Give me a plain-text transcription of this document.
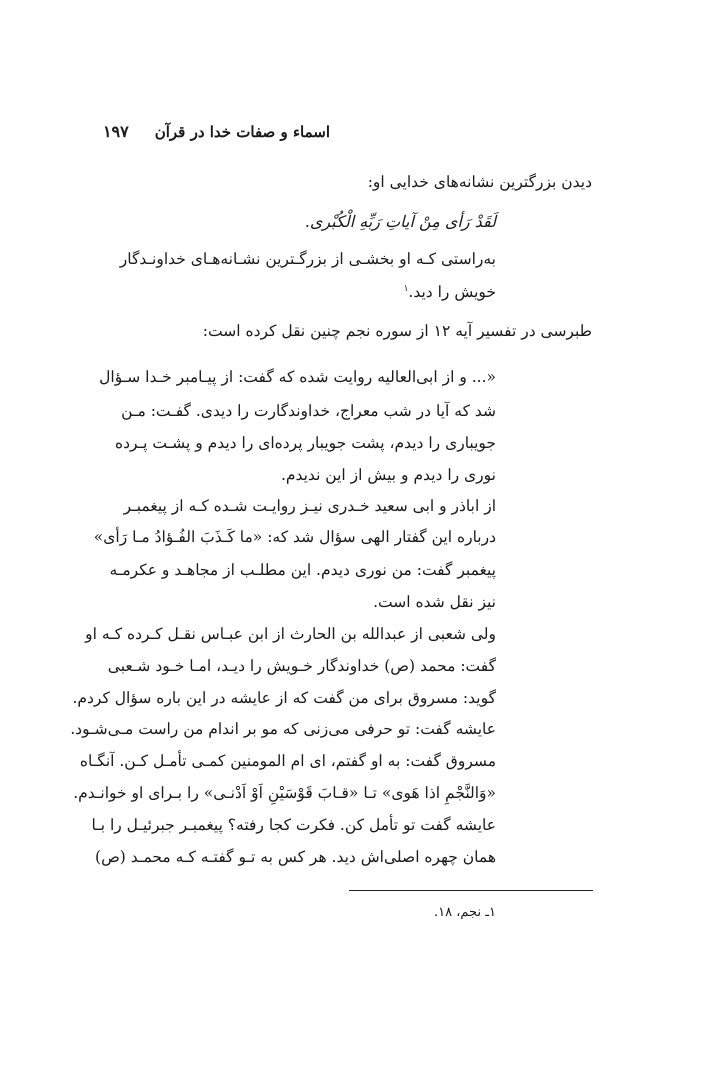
اسماء و صفات خدا در قرآن
۱۹۷
دیدن بزرگترین نشانه‌های خدایی او:
لَقَدْ رَأی مِنْ آیاتِ رَبِّهِ الْکُبْری.
به‌راستی کـه او بخشـی از بزرگـترین نشـانه‌هـای خداونـدگار
خویش را دید.$^۱$
طبرسی در تفسیر آیه ۱۲ از سوره نجم چنین نقل کرده است:
«... و از ابی‌العالیه روایت شده که گفت: از پیـامبر خـدا سـؤال
شد که آیا در شب معراج، خداوندگارت را دیدی. گفـت: مـن
جویباری را دیدم، پشت جویبار پرده‌ای را دیدم و پشـت پـرده
نوری را دیدم و بیش از این ندیدم.
از اباذر و ابی سعید خـدری نیـز روایـت شـده کـه از پیغمبـر
درباره این گفتار الهی سؤال شد که: «ما کَـذَبَ الفُـؤادُ مـا رَأی»
پیغمبر گفت: من نوری دیدم. این مطلـب از مجاهـد و عکرمـه
نیز نقل شده است.
ولی شعبی از عبدالله بن الحارث از ابن عبـاس نقـل کـرده کـه او
گفت: محمد (ص) خداوندگار خـویش را دیـد، امـا خـود شـعبی
گوید: مسروق برای من گفت که از عایشه در این باره سؤال کردم.
عایشه گفت: تو حرفی می‌زنی که مو بر اندام من راست مـی‌شـود.
مسروق گفت: به او گفتم، ای ام المومنین کمـی تأمـل کـن. آنگـاه
«وَالنَّجْمِ اذا هَوی» تـا «قـابَ قَوْسَیْنِ اَوْ اَدْنـی» را بـرای او خوانـدم.
عایشه گفت تو تأمل کن. فکرت کجا رفته؟ پیغمبـر جبرئیـل را بـا
همان چهره اصلی‌اش دید. هر کس به تـو گفتـه کـه محمـد (ص)
۱ـ نجم، ۱۸.
